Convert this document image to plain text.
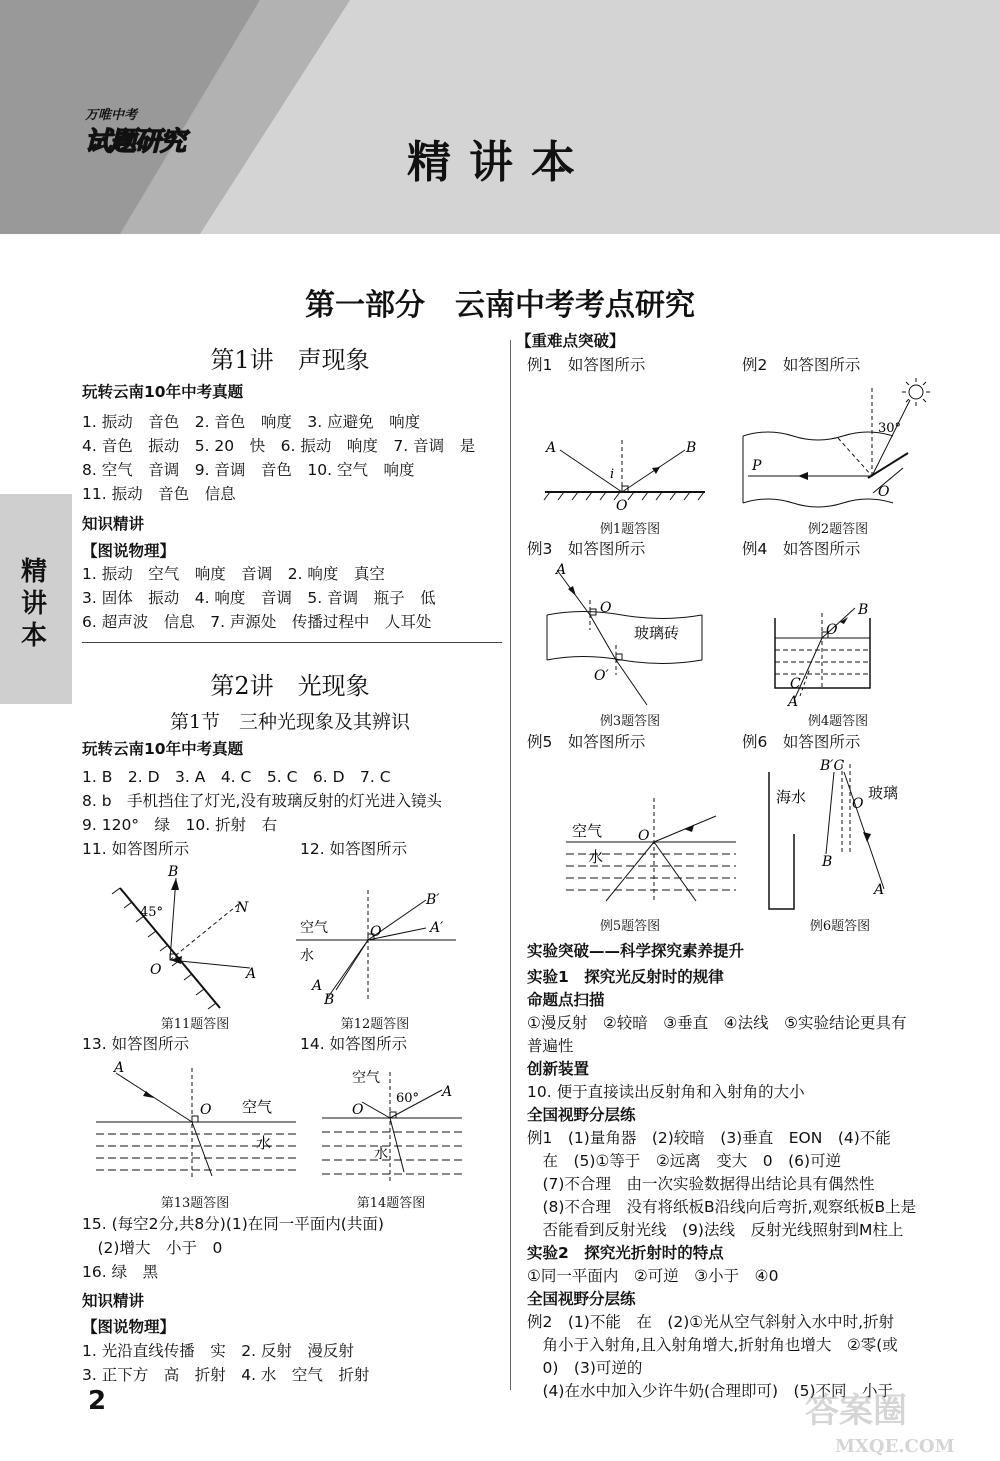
万唯中考
试题研究	精讲本
精讲本
第一部分　云南中考考点研究
第1讲　声现象
玩转云南10年中考真题
1. 振动　音色　2. 音色　响度　3. 应避免　响度
4. 音色　振动　5. 20　快　6. 振动　响度　7. 音调　是
8. 空气　音调　9. 音调　音色　10. 空气　响度
11. 振动　音色　信息
知识精讲
【图说物理】
1. 振动　空气　响度　音调　2. 响度　真空
3. 固体　振动　4. 响度　音调　5. 音调　瓶子　低
6. 超声波　信息　7. 声源处　传播过程中　人耳处
第2讲　光现象
第1节　三种光现象及其辨识
玩转云南10年中考真题
1. B　2. D　3. A　4. C　5. C　6. D　7. C
8. b　手机挡住了灯光,没有玻璃反射的灯光进入镜头
9. 120°　绿　10. 折射　右
11. 如答图所示	12. 如答图所示
45°
B
N
O	A
空气
水
O
B′
A′
A
B
第11题答图	第12题答图
13. 如答图所示	14. 如答图所示
A
O 空气
水
空气
60° A
O
水
第13题答图	第14题答图
15. (每空2分,共8分)(1)在同一平面内(共面)
　(2)增大　小于　0
16. 绿　黑
知识精讲
【图说物理】
1. 光沿直线传播　实　2. 反射　漫反射
3. 正下方　高　折射　4. 水　空气　折射
【重难点突破】
例1　如答图所示	例2　如答图所示
A	B
i
O
30°
P
O
例1题答图	例2题答图
例3　如答图所示	例4　如答图所示
A
O
玻璃砖
O′
B
O
C
A
例3题答图	例4题答图
例5　如答图所示	例6　如答图所示
空气
水
O
B′C
海水	O
玻璃
B
A
例5题答图	例6题答图
实验突破——科学探究素养提升
实验1　探究光反射时的规律
命题点扫描
①漫反射　②较暗　③垂直　④法线　⑤实验结论更具有
普遍性
创新装置
10. 便于直接读出反射角和入射角的大小
全国视野分层练
例1　(1)量角器　(2)较暗　(3)垂直　EON　(4)不能
　在　(5)①等于　②远离　变大　0　(6)可逆
　(7)不合理　由一次实验数据得出结论具有偶然性
　(8)不合理　没有将纸板B沿线向后弯折,观察纸板B上是
　否能看到反射光线　(9)法线　反射光线照射到M柱上
实验2　探究光折射时的特点
①同一平面内　②可逆　③小于　④0
全国视野分层练
例2　(1)不能　在　(2)①光从空气斜射入水中时,折射
　角小于入射角,且入射角增大,折射角也增大　②零(或
　0)　(3)可逆的
　(4)在水中加入少许牛奶(合理即可)　(5)不同　小于
2	答案圈
MXQE.COM
